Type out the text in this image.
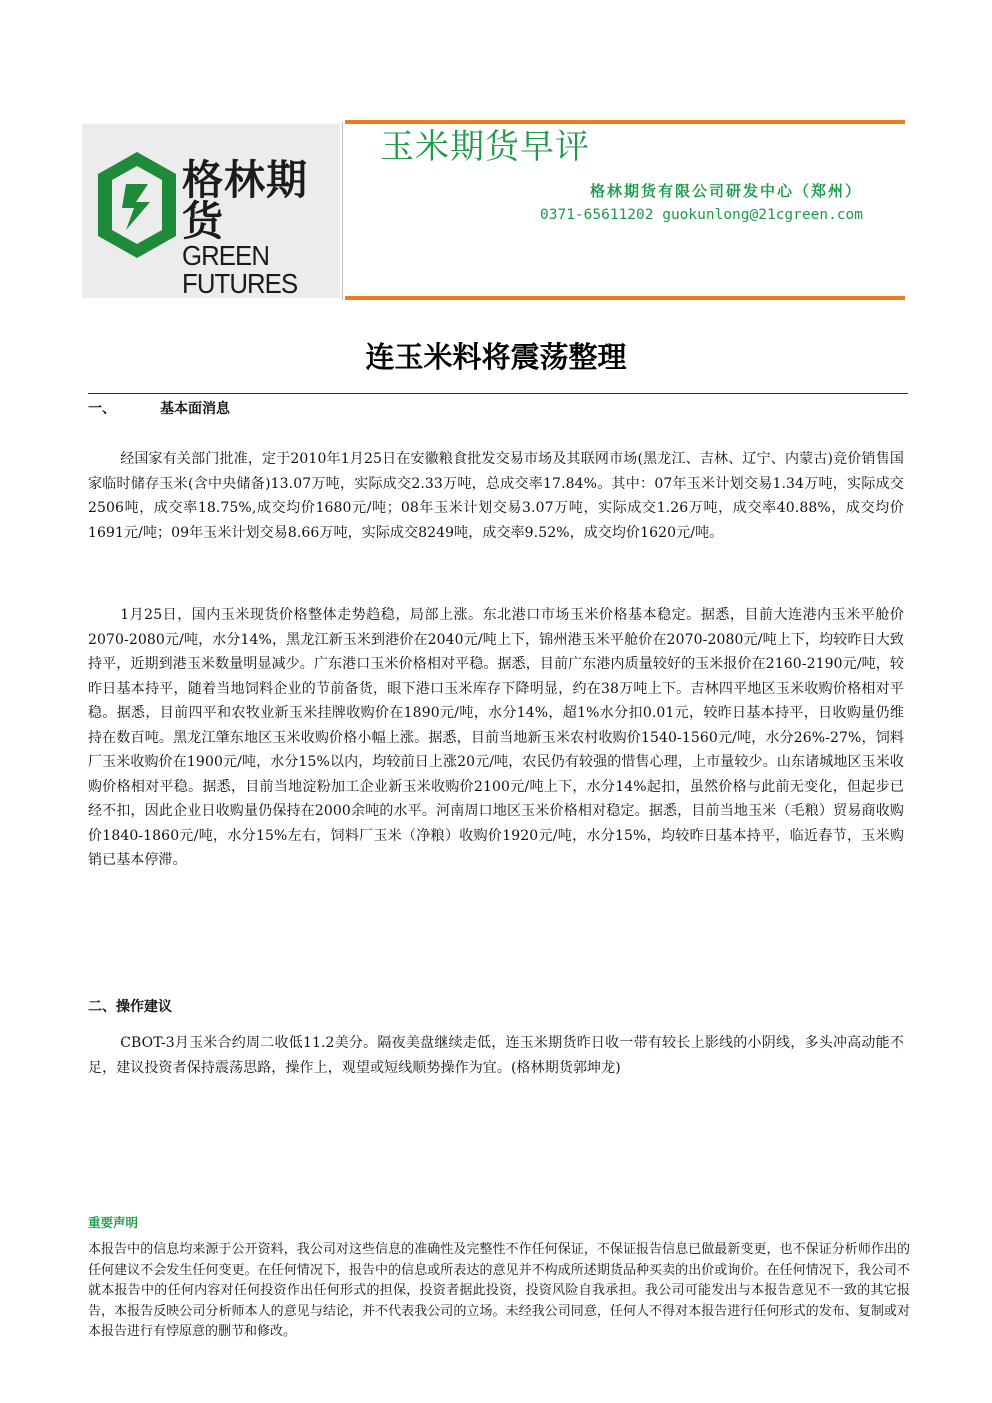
格林期货
GREEN FUTURES
玉米期货早评
格林期货有限公司研发中心（郑州）
0371-65611202 guokunlong@21cgreen.com
连玉米料将震荡整理
一、	基本面消息
经国家有关部门批准，定于2010年1月25日在安徽粮食批发交易市场及其联网市场(黑龙江、吉林、辽宁、内蒙古)竞价销售国家临时储存玉米(含中央储备)13.07万吨，实际成交2.33万吨，总成交率17.84%。其中：07年玉米计划交易1.34万吨，实际成交2506吨，成交率18.75%,成交均价1680元/吨；08年玉米计划交易3.07万吨，实际成交1.26万吨，成交率40.88%，成交均价1691元/吨；09年玉米计划交易8.66万吨，实际成交8249吨，成交率9.52%，成交均价1620元/吨。
1月25日，国内玉米现货价格整体走势趋稳，局部上涨。东北港口市场玉米价格基本稳定。据悉，目前大连港内玉米平舱价2070-2080元/吨，水分14%，黑龙江新玉米到港价在2040元/吨上下，锦州港玉米平舱价在2070-2080元/吨上下，均较昨日大致持平，近期到港玉米数量明显减少。广东港口玉米价格相对平稳。据悉，目前广东港内质量较好的玉米报价在2160-2190元/吨，较昨日基本持平，随着当地饲料企业的节前备货，眼下港口玉米库存下降明显，约在38万吨上下。吉林四平地区玉米收购价格相对平稳。据悉，目前四平和农牧业新玉米挂牌收购价在1890元/吨，水分14%，超1%水分扣0.01元，较昨日基本持平，日收购量仍维持在数百吨。黑龙江肇东地区玉米收购价格小幅上涨。据悉，目前当地新玉米农村收购价1540-1560元/吨，水分26%-27%，饲料厂玉米收购价在1900元/吨，水分15%以内，均较前日上涨20元/吨，农民仍有较强的惜售心理，上市量较少。山东诸城地区玉米收购价格相对平稳。据悉，目前当地淀粉加工企业新玉米收购价2100元/吨上下，水分14%起扣，虽然价格与此前无变化，但起步已经不扣，因此企业日收购量仍保持在2000余吨的水平。河南周口地区玉米价格相对稳定。据悉，目前当地玉米（毛粮）贸易商收购价1840-1860元/吨，水分15%左右，饲料厂玉米（净粮）收购价1920元/吨，水分15%，均较昨日基本持平，临近春节，玉米购销已基本停滞。
二、操作建议
CBOT-3月玉米合约周二收低11.2美分。隔夜美盘继续走低，连玉米期货昨日收一带有较长上影线的小阴线，多头冲高动能不足，建议投资者保持震荡思路，操作上，观望或短线顺势操作为宜。(格林期货郭坤龙)
重要声明
本报告中的信息均来源于公开资料，我公司对这些信息的准确性及完整性不作任何保证，不保证报告信息已做最新变更，也不保证分析师作出的任何建议不会发生任何变更。在任何情况下，报告中的信息或所表达的意见并不构成所述期货品种买卖的出价或询价。在任何情况下，我公司不就本报告中的任何内容对任何投资作出任何形式的担保，投资者据此投资，投资风险自我承担。我公司可能发出与本报告意见不一致的其它报告，本报告反映公司分析师本人的意见与结论，并不代表我公司的立场。未经我公司同意，任何人不得对本报告进行任何形式的发布、复制或对本报告进行有悖原意的删节和修改。
